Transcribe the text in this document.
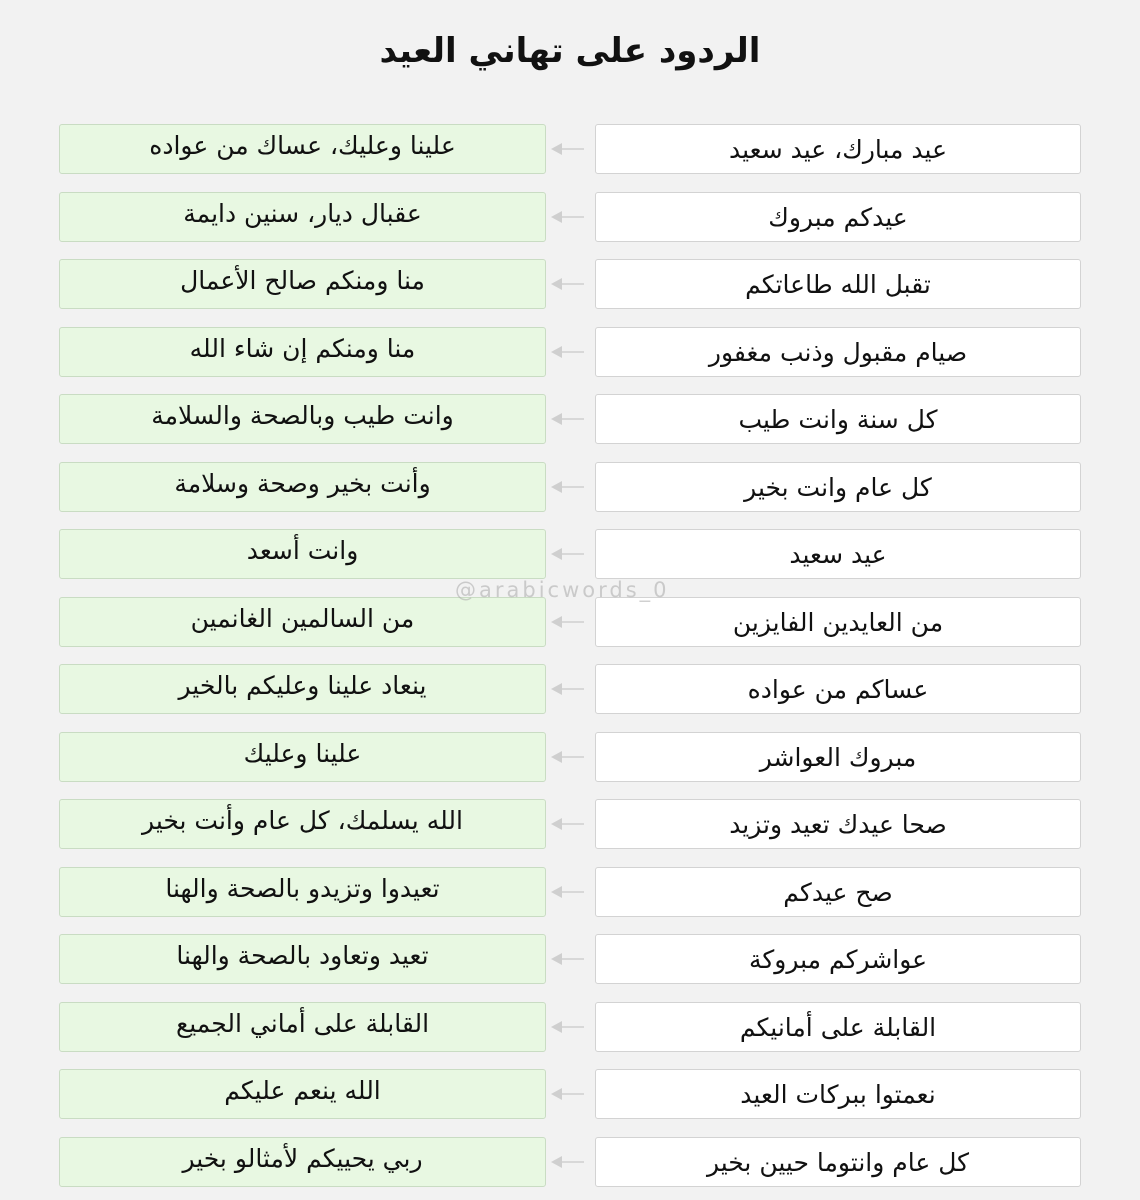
الردود على تهاني العيد
علينا وعليك، عساك من عواده	عيد مبارك، عيد سعيد
عقبال ديار، سنين دايمة	عيدكم مبروك
منا ومنكم صالح الأعمال	تقبل الله طاعاتكم
منا ومنكم إن شاء الله	صيام مقبول وذنب مغفور
وانت طيب وبالصحة والسلامة	كل سنة وانت طيب
وأنت بخير وصحة وسلامة	كل عام وانت بخير
وانت أسعد	عيد سعيد
من السالمين الغانمين	من العايدين الفايزين
ينعاد علينا وعليكم بالخير	عساكم من عواده
علينا وعليك	مبروك العواشر
الله يسلمك، كل عام وأنت بخير	صحا عيدك تعيد وتزيد
تعيدوا وتزيدو بالصحة والهنا	صح عيدكم
تعيد وتعاود بالصحة والهنا	عواشركم مبروكة
القابلة على أماني الجميع	القابلة على أمانيكم
الله ينعم عليكم	نعمتوا ببركات العيد
ربي يحييكم لأمثالو بخير	كل عام وانتوما حيين بخير
@arabicwords_0
